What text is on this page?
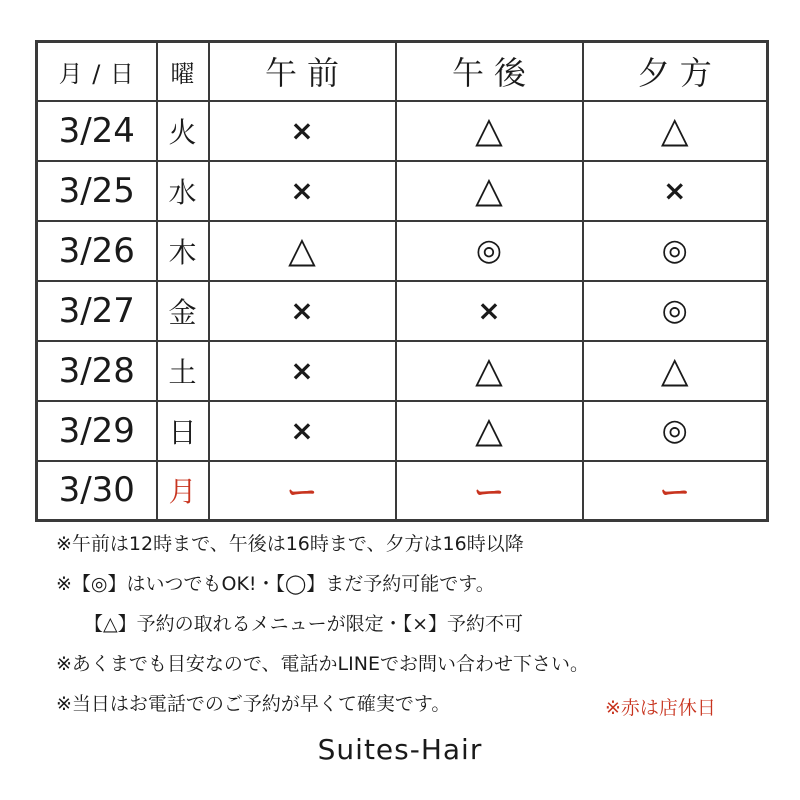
月 / 日	曜	午前	午後	夕方
3/24	火	×	△	△
3/25	水	×	△	×
3/26	木	△	◎	◎
3/27	金	×	×	◎
3/28	土	×	△	△
3/29	日	×	△	◎
3/30	月	ー	ー	ー
※午前は12時まで、午後は16時まで、夕方は16時以降
※【◎】はいつでもOK!・【◯】まだ予約可能です。
【△】予約の取れるメニューが限定・【×】予約不可
※あくまでも目安なので、電話かLINEでお問い合わせ下さい。
※当日はお電話でのご予約が早くて確実です。	※赤は店休日
Suites-Hair
